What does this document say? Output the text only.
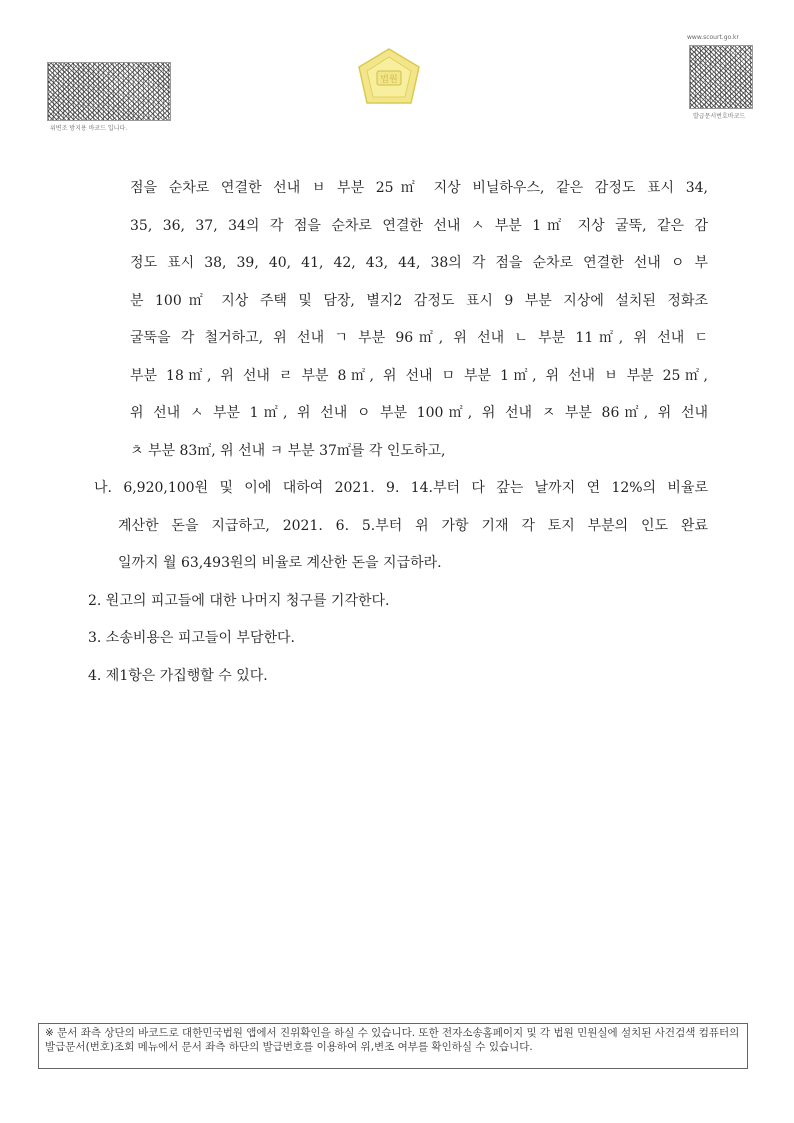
위변조 방지용 바코드 입니다.
법원
www.scourt.go.kr
발급문서번호바코드
점을 순차로 연결한 선내 ㅂ 부분 25㎡ 지상 비닐하우스, 같은 감정도 표시 34,
35, 36, 37, 34의 각 점을 순차로 연결한 선내 ㅅ 부분 1㎡ 지상 굴뚝, 같은 감
정도 표시 38, 39, 40, 41, 42, 43, 44, 38의 각 점을 순차로 연결한 선내 ㅇ 부
분 100㎡ 지상 주택 및 담장, 별지2 감정도 표시 9 부분 지상에 설치된 정화조
굴뚝을 각 철거하고, 위 선내 ㄱ 부분 96㎡, 위 선내 ㄴ 부분 11㎡, 위 선내 ㄷ
부분 18㎡, 위 선내 ㄹ 부분 8㎡, 위 선내 ㅁ 부분 1㎡, 위 선내 ㅂ 부분 25㎡,
위 선내 ㅅ 부분 1㎡, 위 선내 ㅇ 부분 100㎡, 위 선내 ㅈ 부분 86㎡, 위 선내
ㅊ 부분 83㎡, 위 선내 ㅋ 부분 37㎡를 각 인도하고,
나. 6,920,100원 및 이에 대하여 2021. 9. 14.부터 다 갚는 날까지 연 12%의 비율로
계산한 돈을 지급하고, 2021. 6. 5.부터 위 가항 기재 각 토지 부분의 인도 완료
일까지 월 63,493원의 비율로 계산한 돈을 지급하라.
2. 원고의 피고들에 대한 나머지 청구를 기각한다.
3. 소송비용은 피고들이 부담한다.
4. 제1항은 가집행할 수 있다.
※ 문서 좌측 상단의 바코드로 대한민국법원 앱에서 진위확인을 하실 수 있습니다. 또한 전자소송홈페이지 및 각 법원 민원실에 설치된 사건검색 컴퓨터의 발급문서(번호)조회 메뉴에서 문서 좌측 하단의 발급번호를 이용하여 위,변조 여부를 확인하실 수 있습니다.
